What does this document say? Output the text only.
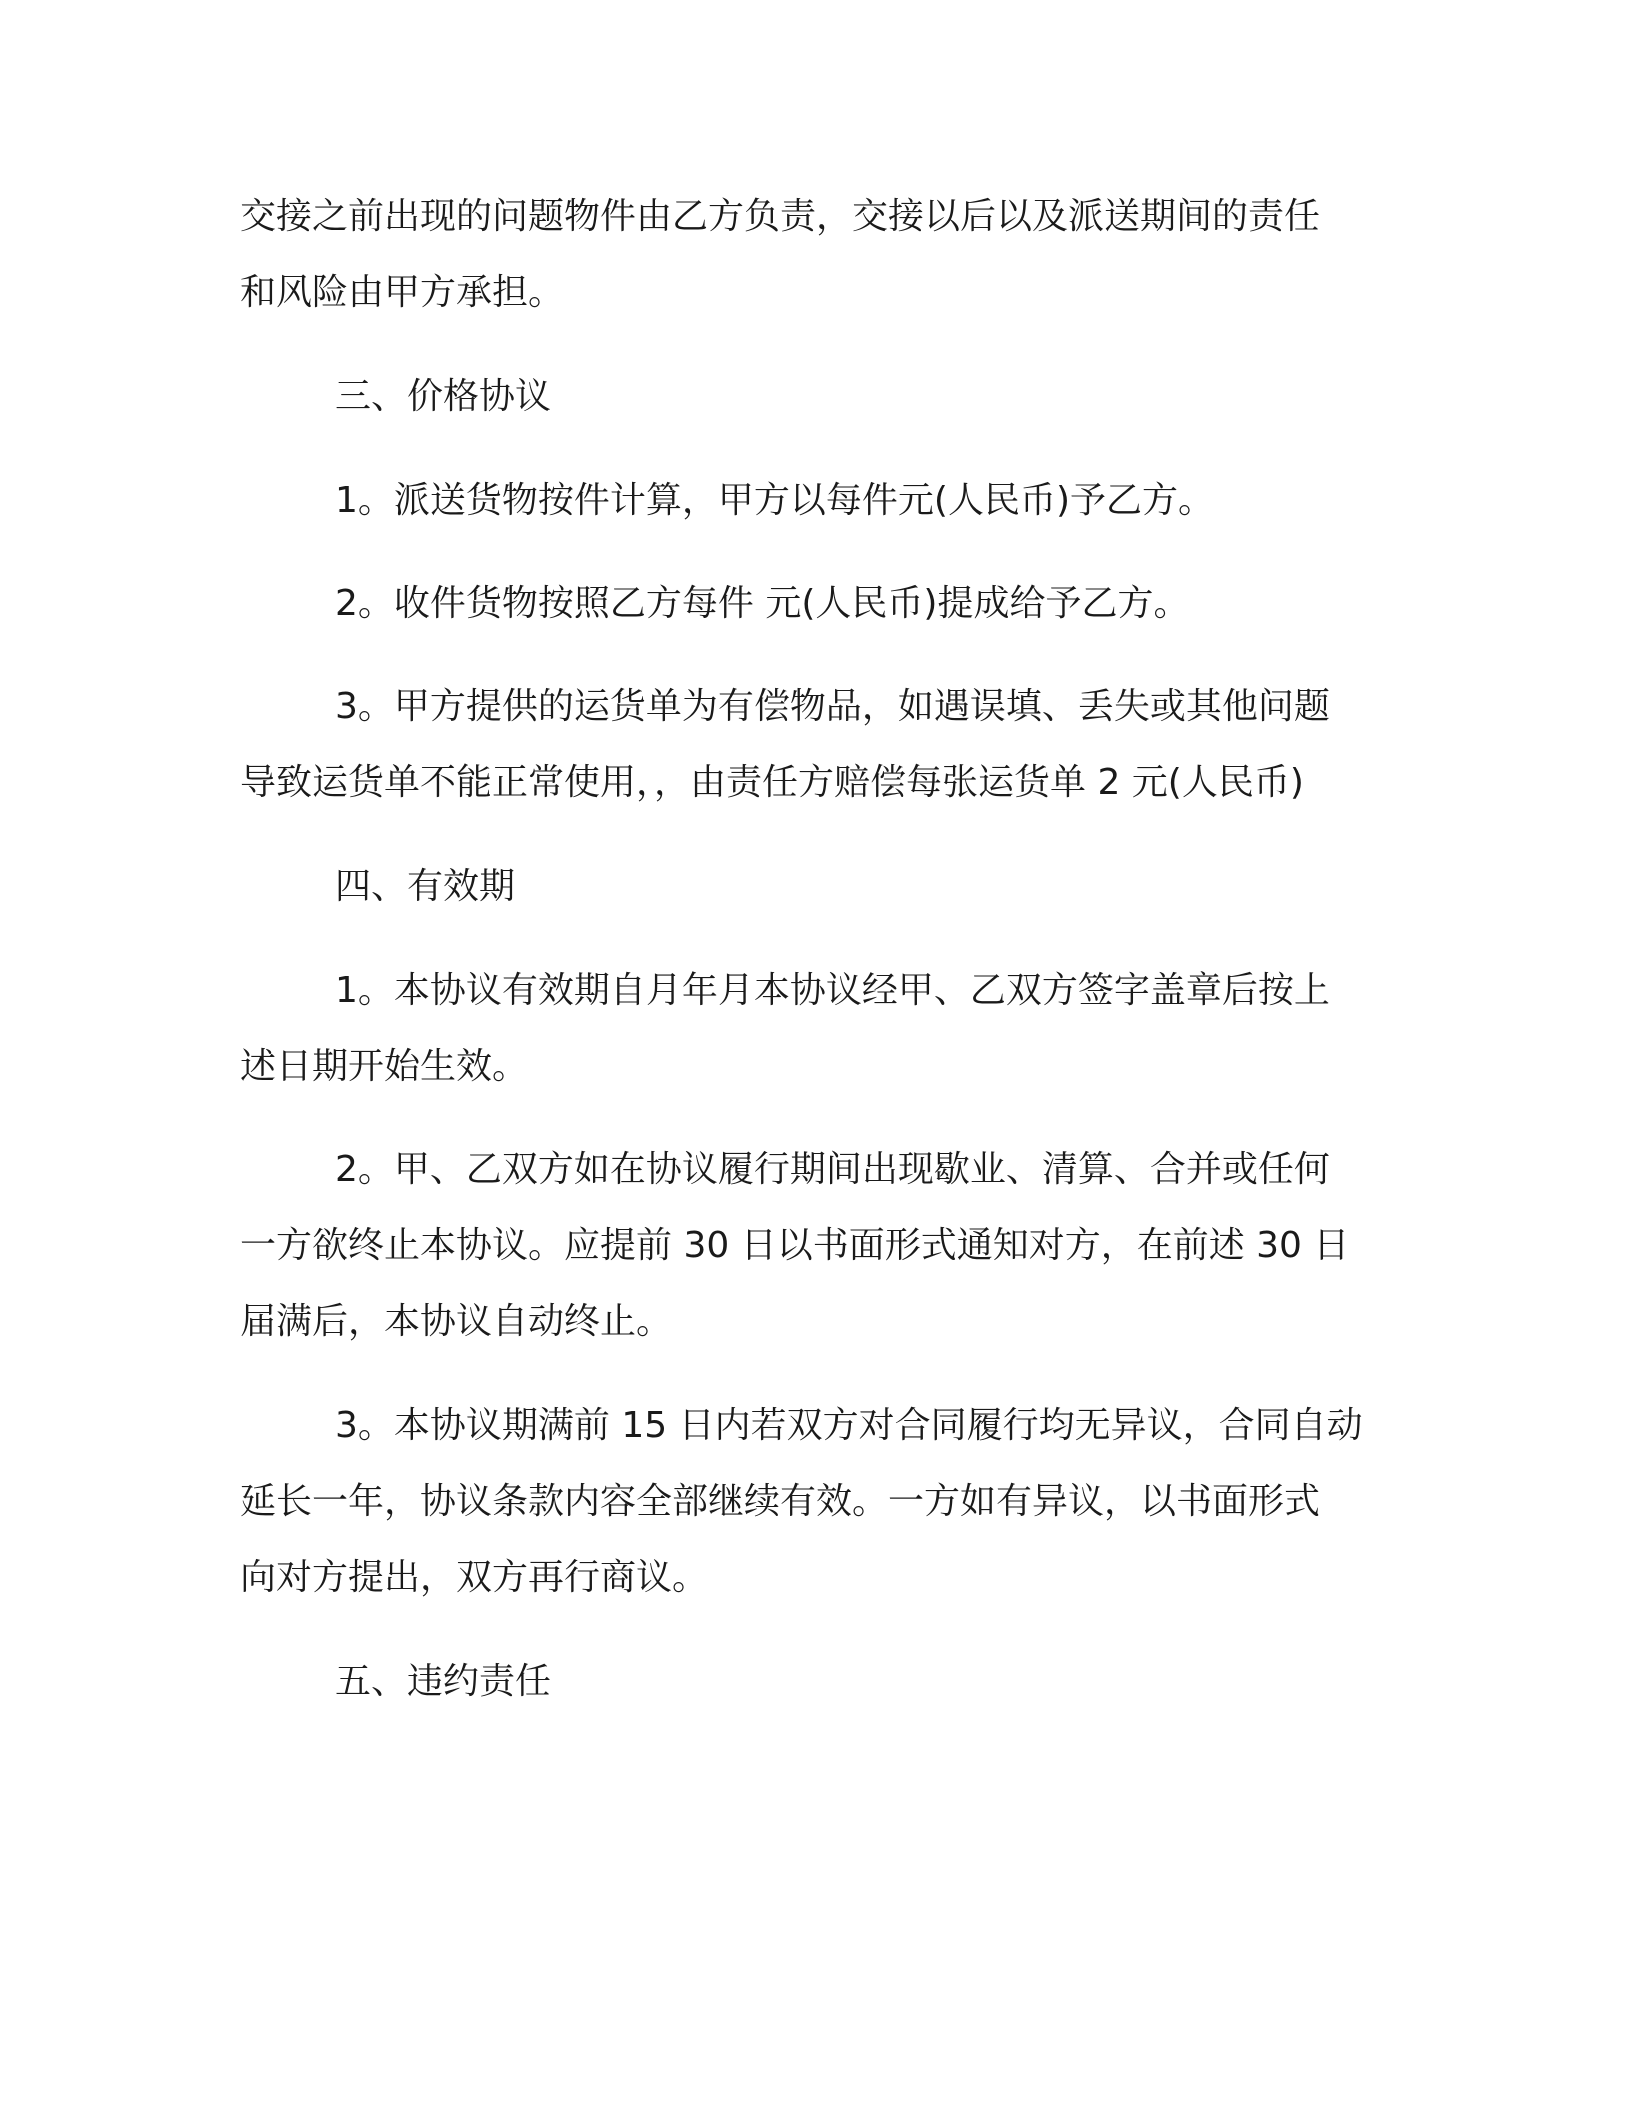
交接之前出现的问题物件由乙方负责，交接以后以及派送期间的责任

和风险由甲方承担。

三、价格协议

1。派送货物按件计算，甲方以每件元(人民币)予乙方。

2。收件货物按照乙方每件 元(人民币)提成给予乙方。

3。甲方提供的运货单为有偿物品，如遇误填、丢失或其他问题

导致运货单不能正常使用，，由责任方赔偿每张运货单 2 元(人民币)

四、有效期

1。本协议有效期自月年月本协议经甲、乙双方签字盖章后按上

述日期开始生效。

2。甲、乙双方如在协议履行期间出现歇业、清算、合并或任何

一方欲终止本协议。应提前 30 日以书面形式通知对方，在前述 30 日

届满后，本协议自动终止。

3。本协议期满前 15 日内若双方对合同履行均无异议，合同自动

延长一年，协议条款内容全部继续有效。一方如有异议，以书面形式

向对方提出，双方再行商议。

五、违约责任
